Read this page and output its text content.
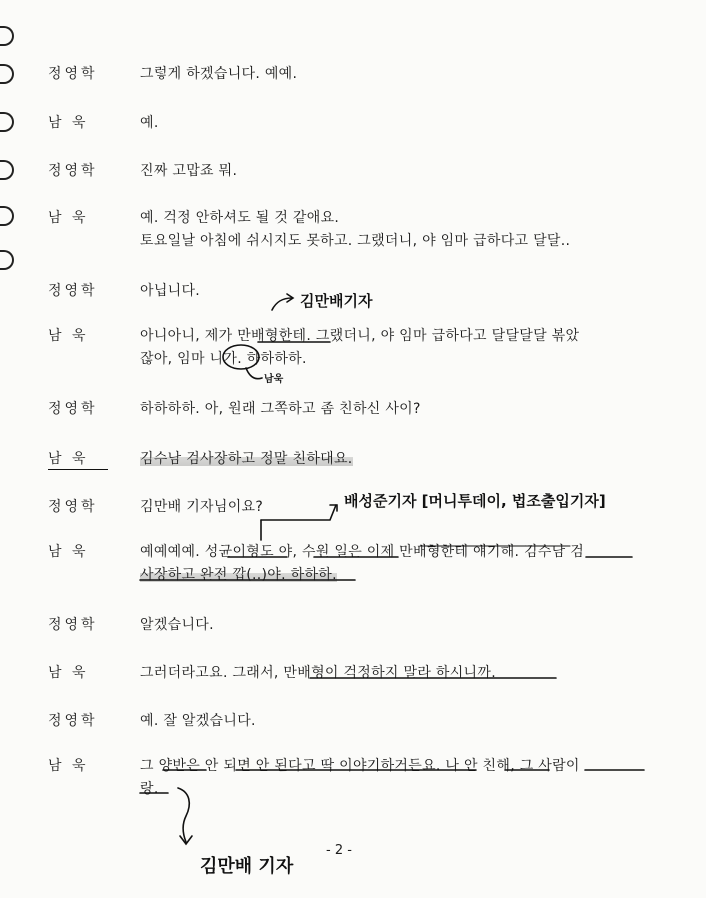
정영학	그렇게 하겠습니다. 예예.
남 욱	예.
정영학	진짜 고맙죠 뭐.
남 욱	예. 걱정 안하셔도 될 것 같애요.
토요일날 아침에 쉬시지도 못하고. 그랬더니, 야 임마 급하다고 달달..
정영학	아닙니다.
남 욱	아니아니, 제가 만배형한테. 그랬더니, 야 임마 급하다고 달달달달 볶았
잖아, 임마 니가. 하하하하.
정영학	하하하하. 아, 원래 그쪽하고 좀 친하신 사이?
남 욱	김수남 검사장하고 정말 친하대요.
정영학	김만배 기자님이요?
남 욱	예예예예. 성균이형도 야, 수원 일은 이제 만배형한테 얘기해. 김수남 검
사장하고 완전 깝(..)야. 하하하.
정영학	알겠습니다.
남 욱	그러더라고요. 그래서, 만배형이 걱정하지 말라 하시니까.
정영학	예. 잘 알겠습니다.
남 욱	그 양반은 안 되면 안 된다고 딱 이야기하거든요. 나 안 친해, 그 사람이
랑.
김만배기자
남욱
배성준기자 [머니투데이, 법조출입기자]
김만배 기자
- 2 -
